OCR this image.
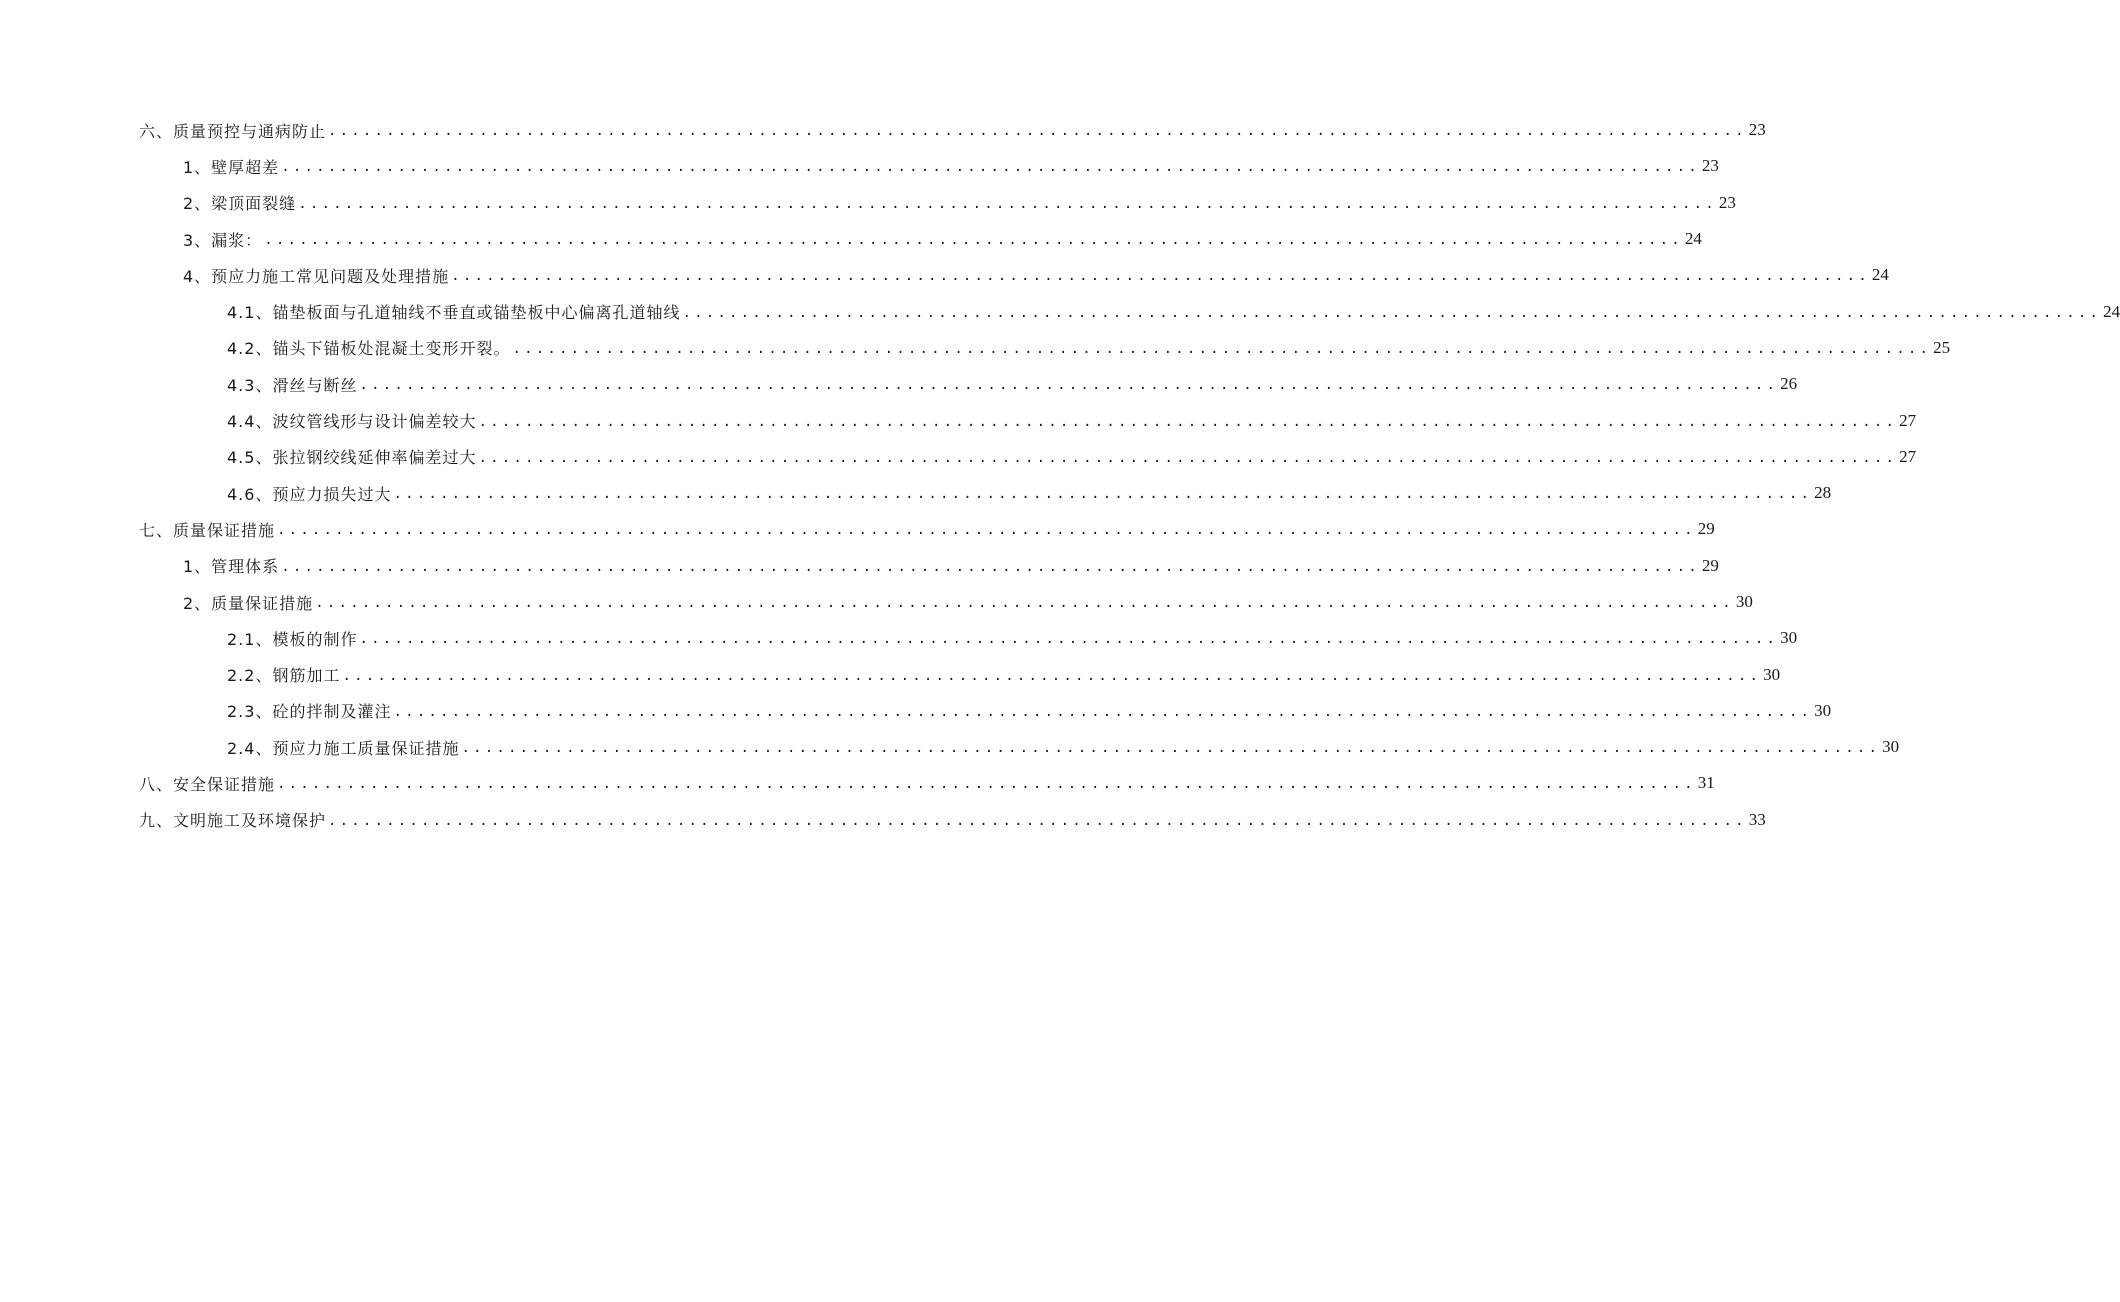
六、质量预控与通病防止 .......................................................................................................................... 23
1、壁厚超差 .......................................................................................................................... 23
2、梁顶面裂缝 .......................................................................................................................... 23
3、漏浆： .......................................................................................................................... 24
4、预应力施工常见问题及处理措施 .......................................................................................................................... 24
4.1、锚垫板面与孔道轴线不垂直或锚垫板中心偏离孔道轴线 .......................................................................................................................... 24
4.2、锚头下锚板处混凝土变形开裂。 .......................................................................................................................... 25
4.3、滑丝与断丝 .......................................................................................................................... 26
4.4、波纹管线形与设计偏差较大 .......................................................................................................................... 27
4.5、张拉钢绞线延伸率偏差过大 .......................................................................................................................... 27
4.6、预应力损失过大 .......................................................................................................................... 28
七、质量保证措施 .......................................................................................................................... 29
1、管理体系 .......................................................................................................................... 29
2、质量保证措施 .......................................................................................................................... 30
2.1、模板的制作 .......................................................................................................................... 30
2.2、钢筋加工 .......................................................................................................................... 30
2.3、砼的拌制及灌注 .......................................................................................................................... 30
2.4、预应力施工质量保证措施 .......................................................................................................................... 30
八、安全保证措施 .......................................................................................................................... 31
九、文明施工及环境保护 .......................................................................................................................... 33
